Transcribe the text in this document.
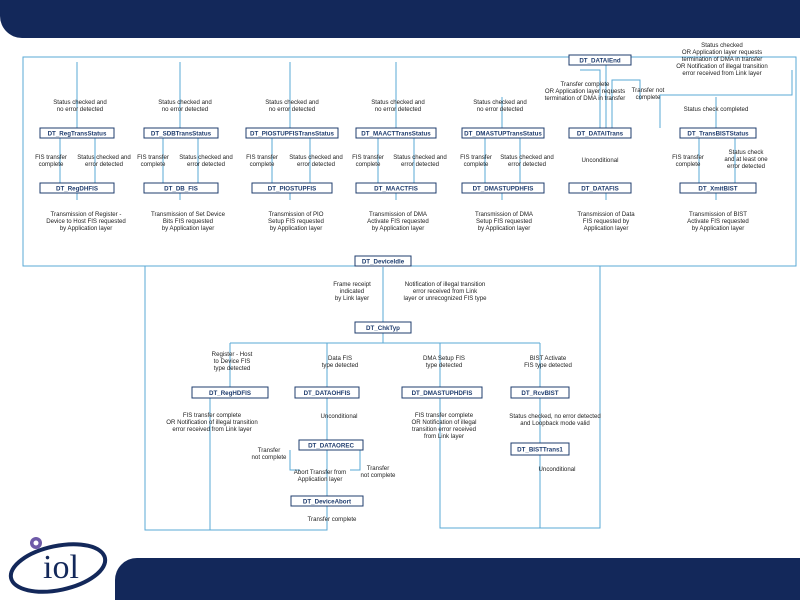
DT_RegTransStatus	DT_SDBTransStatus	DT_PIOSTUPFISTransStatus	DT_MAACTTransStatus	DT_DMASTUPTransStatus
DT_DATAIEnd
DT_DATAITrans	DT_TransBISTStatus
DT_RegDHFIS	DT_DB_FIS	DT_PIOSTUPFIS	DT_MAACTFIS	DT_DMASTUPDHFIS	DT_DATAFIS	DT_XmitBIST
DT_DeviceIdle
DT_ChkTyp
DT_RegHDFIS	DT_DATAOHFIS	DT_DMASTUPHDFIS	DT_RcvBIST
DT_DATAOREC
DT_BISTTrans1
DT_DeviceAbort
Status checked and no error detected
Status checked and no error detected
Status checked and no error detected
Status checked and no error detected
Status checked and no error detected
Status checked OR Application layer requests termination of DMA in transfer OR Notification of illegal transition error received from Link layer
Transfer complete OR Application layer requests termination of DMA in transfer
Transfer not complete
Status check completed
FIS transfer complete
Status checked and error detected
FIS transfer complete
Status checked and error detected
FIS transfer complete
Status checked and error detected
FIS transfer complete
Status checked and error detected
FIS transfer complete
Status checked and error detected
Unconditional	FIS transfer complete
Status check and at least one error detected
Transmission of Register -Device to Host FIS requested by Application layer
Transmission of Set Device Bits FIS requested by Application layer
Transmission of PIO Setup FIS requested by Application layer
Transmission of DMA Activate FIS requested by Application layer
Transmission of DMA Setup FIS requested by Application layer
Transmission of Data FIS requested by Application layer
Transmission of BIST Activate FIS requested by Application layer
Frame receipt indicated by Link layer
Notification of illegal transition error received from Link layer or unrecognized FIS type
Register - Host to Device FIS type detected
Data FIS type detected
DMA Setup FIS type detected
BIST Activate FIS type detected
FIS transfer complete OR Notification of illegal transition error received from Link layer
Unconditional	FIS transfer complete OR Notification of illegal transition error received from Link layer
Status checked, no error detected and Loopback mode valid
Transfer not complete
Abort Transfer from Application layer
Transfer not complete
Unconditional
Transfer complete
iol
